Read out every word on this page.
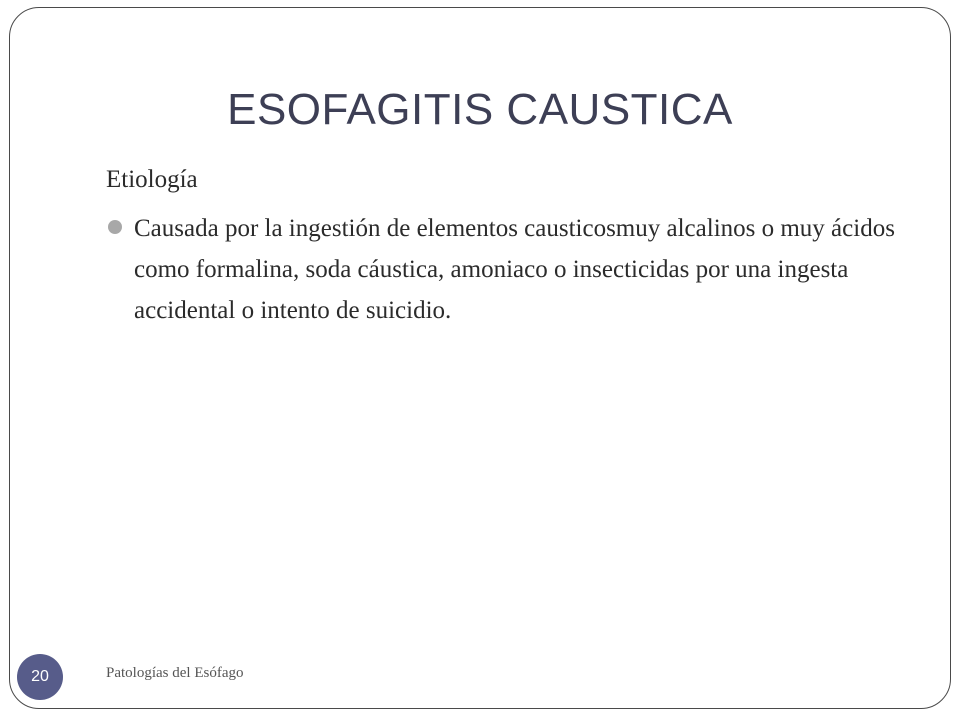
ESOFAGITIS CAUSTICA
Etiología
Causada por la ingestión de elementos causticosmuy alcalinos o muy ácidos como formalina, soda cáustica, amoniaco o insecticidas por una ingesta accidental o intento de suicidio.
20	Patologías del Esófago
